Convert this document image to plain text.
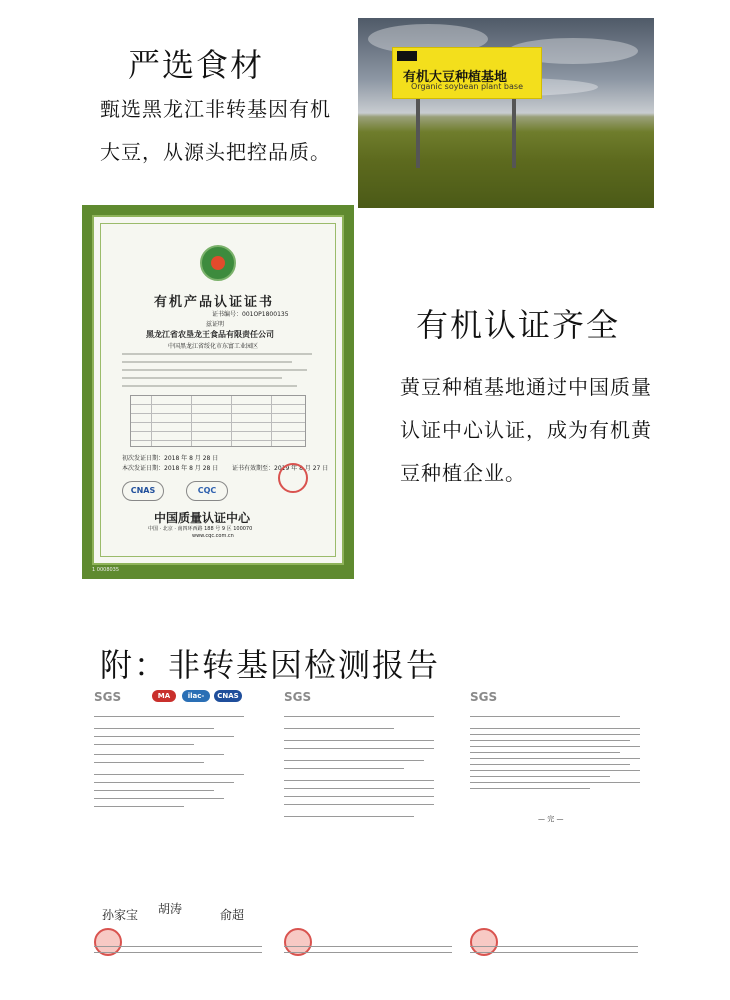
严选食材
甄选黑龙江非转基因有机
大豆，从源头把控品质。
有机大豆种植基地
Organic soybean plant base
有机产品认证证书
证书编号：001OP1800135
兹证明
黑龙江省农垦龙王食品有限责任公司
中国黑龙江省绥化市东富工业园区
初次发证日期：2018 年 8 月 28 日
本次发证日期：2018 年 8 月 28 日 证书有效期至：2019 年 8 月 27 日
CNAS	CQC
中国质量认证中心
中国 · 北京 · 南四环西路 188 号 9 区 100070
www.cqc.com.cn
1 0008035
有机认证齐全
黄豆种植基地通过中国质量
认证中心认证，成为有机黄
豆种植企业。
附：非转基因检测报告
SGS	MA	ilac-MRA
CNAS
孙家宝 胡涛	俞超
SGS	SGS
— 完 —
